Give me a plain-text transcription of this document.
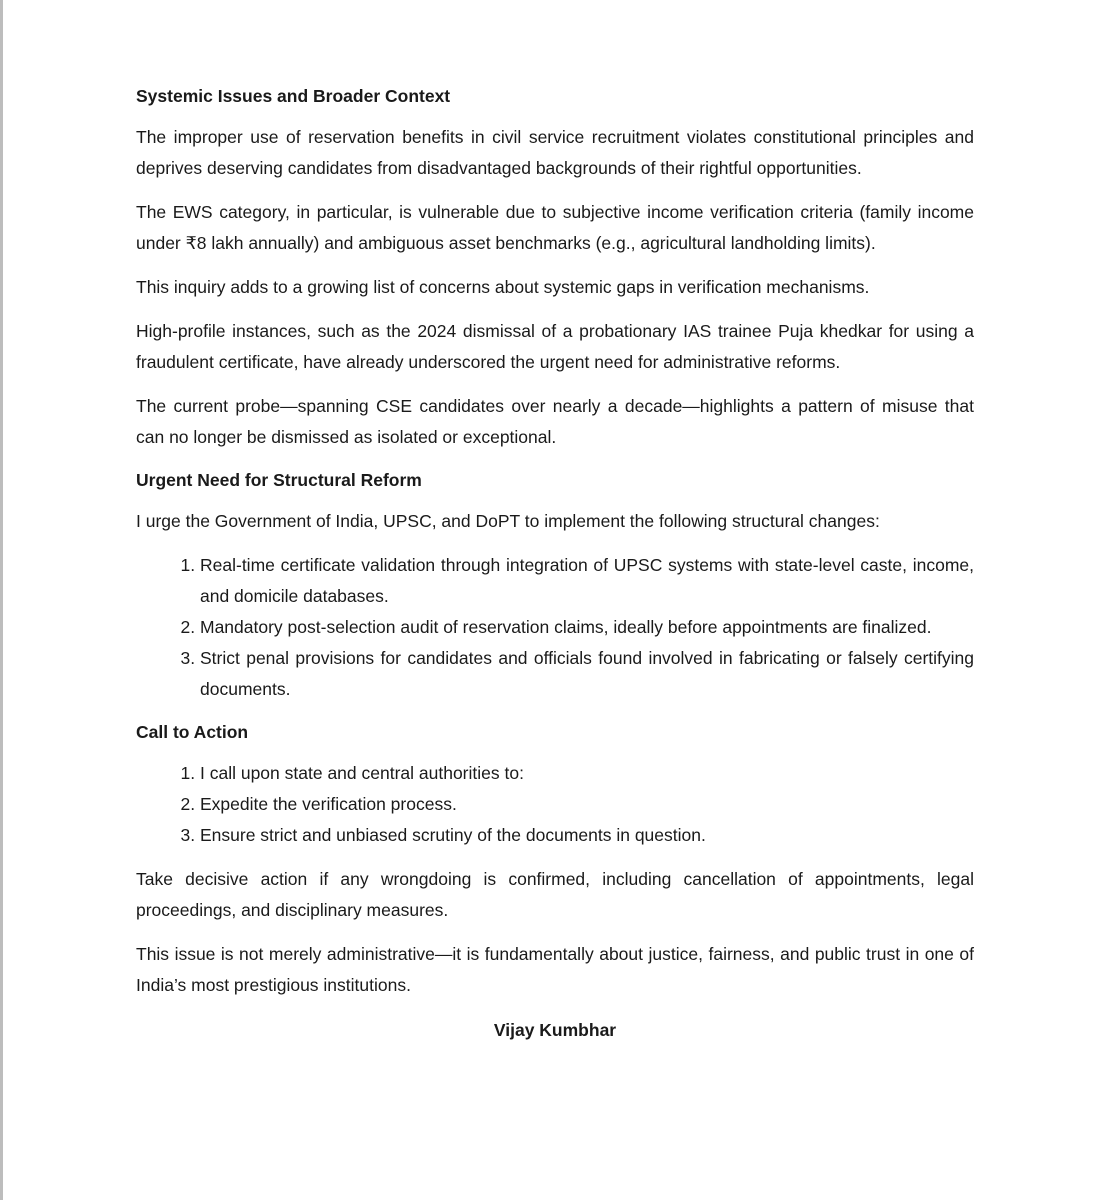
Systemic Issues and Broader Context

The improper use of reservation benefits in civil service recruitment violates constitutional principles and deprives deserving candidates from disadvantaged backgrounds of their rightful opportunities.

The EWS category, in particular, is vulnerable due to subjective income verification criteria (family income under ₹8 lakh annually) and ambiguous asset benchmarks (e.g., agricultural landholding limits).

This inquiry adds to a growing list of concerns about systemic gaps in verification mechanisms.

High-profile instances, such as the 2024 dismissal of a probationary IAS trainee Puja khedkar for using a fraudulent certificate, have already underscored the urgent need for administrative reforms.

The current probe—spanning CSE candidates over nearly a decade—highlights a pattern of misuse that can no longer be dismissed as isolated or exceptional.

Urgent Need for Structural Reform

I urge the Government of India, UPSC, and DoPT to implement the following structural changes:

1. Real-time certificate validation through integration of UPSC systems with state-level caste, income, and domicile databases.
2. Mandatory post-selection audit of reservation claims, ideally before appointments are finalized.
3. Strict penal provisions for candidates and officials found involved in fabricating or falsely certifying documents.
Call to Action
1. I call upon state and central authorities to:
2. Expedite the verification process.
3. Ensure strict and unbiased scrutiny of the documents in question.

Take decisive action if any wrongdoing is confirmed, including cancellation of appointments, legal proceedings, and disciplinary measures.

This issue is not merely administrative—it is fundamentally about justice, fairness, and public trust in one of India’s most prestigious institutions.

Vijay Kumbhar
